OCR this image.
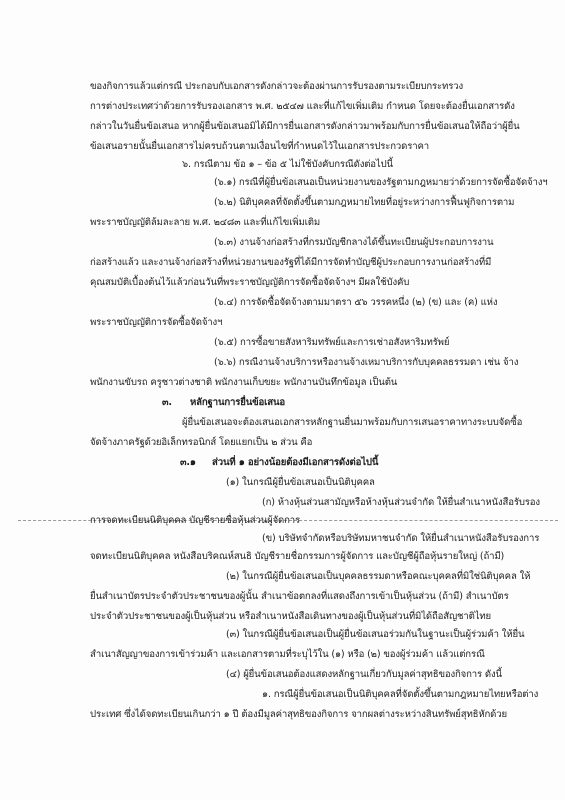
ของกิจการแล้วแต่กรณี ประกอบกับเอกสารดังกล่าวจะต้องผ่านการรับรองตามระเบียบกระทรวง
การต่างประเทศว่าด้วยการรับรองเอกสาร พ.ศ. ๒๕๔๗ และที่แก้ไขเพิ่มเติม กำหนด โดยจะต้องยื่นเอกสารดัง
กล่าวในวันยื่นข้อเสนอ หากผู้ยื่นข้อเสนอมิได้มีการยื่นเอกสารดังกล่าวมาพร้อมกับการยื่นข้อเสนอให้ถือว่าผู้ยื่น
ข้อเสนอรายนั้นยื่นเอกสารไม่ครบถ้วนตามเงื่อนไขที่กำหนดไว้ในเอกสารประกวดราคา
๖. กรณีตาม ข้อ ๑ – ข้อ ๕ ไม่ใช้บังคับกรณีดังต่อไปนี้
(๖.๑) กรณีที่ผู้ยื่นข้อเสนอเป็นหน่วยงานของรัฐตามกฎหมายว่าด้วยการจัดซื้อจัดจ้างฯ
(๖.๒) นิติบุคคลที่จัดตั้งขึ้นตามกฎหมายไทยที่อยู่ระหว่างการฟื้นฟูกิจการตาม
พระราชบัญญัติล้มละลาย พ.ศ. ๒๔๘๓ และที่แก้ไขเพิ่มเติม
(๖.๓) งานจ้างก่อสร้างที่กรมบัญชีกลางได้ขึ้นทะเบียนผู้ประกอบการงาน
ก่อสร้างแล้ว และงานจ้างก่อสร้างที่หน่วยงานของรัฐที่ได้มีการจัดทำบัญชีผู้ประกอบการงานก่อสร้างที่มี
คุณสมบัติเบื้องต้นไว้แล้วก่อนวันที่พระราชบัญญัติการจัดซื้อจัดจ้างฯ มีผลใช้บังคับ
(๖.๔) การจัดซื้อจัดจ้างตามมาตรา ๕๖ วรรคหนึ่ง (๒) (ข) และ (ค) แห่ง
พระราชบัญญัติการจัดซื้อจัดจ้างฯ
(๖.๕) การซื้อขายสังหาริมทรัพย์และการเช่าอสังหาริมทรัพย์
(๖.๖) กรณีงานจ้างบริการหรืองานจ้างเหมาบริการกับบุคคลธรรมดา เช่น จ้าง
พนักงานขับรถ ครูชาวต่างชาติ พนักงานเก็บขยะ พนักงานบันทึกข้อมูล เป็นต้น
๓. หลักฐานการยื่นข้อเสนอ
ผู้ยื่นข้อเสนอจะต้องเสนอเอกสารหลักฐานยื่นมาพร้อมกับการเสนอราคาทางระบบจัดซื้อ
จัดจ้างภาครัฐด้วยอิเล็กทรอนิกส์ โดยแยกเป็น ๒ ส่วน คือ
๓.๑ ส่วนที่ ๑ อย่างน้อยต้องมีเอกสารดังต่อไปนี้
(๑) ในกรณีผู้ยื่นข้อเสนอเป็นนิติบุคคล
(ก) ห้างหุ้นส่วนสามัญหรือห้างหุ้นส่วนจำกัด ให้ยื่นสำเนาหนังสือรับรอง
การจดทะเบียนนิติบุคคล บัญชีรายชื่อหุ้นส่วนผู้จัดการ
(ข) บริษัทจำกัดหรือบริษัทมหาชนจำกัด ให้ยื่นสำเนาหนังสือรับรองการ
จดทะเบียนนิติบุคคล หนังสือบริคณห์สนธิ บัญชีรายชื่อกรรมการผู้จัดการ และบัญชีผู้ถือหุ้นรายใหญ่ (ถ้ามี)
(๒) ในกรณีผู้ยื่นข้อเสนอเป็นบุคคลธรรมดาหรือคณะบุคคลที่มิใช่นิติบุคคล ให้
ยื่นสำเนาบัตรประจำตัวประชาชนของผู้นั้น สำเนาข้อตกลงที่แสดงถึงการเข้าเป็นหุ้นส่วน (ถ้ามี) สำเนาบัตร
ประจำตัวประชาชนของผู้เป็นหุ้นส่วน หรือสำเนาหนังสือเดินทางของผู้เป็นหุ้นส่วนที่มิได้ถือสัญชาติไทย
(๓) ในกรณีผู้ยื่นข้อเสนอเป็นผู้ยื่นข้อเสนอร่วมกันในฐานะเป็นผู้ร่วมค้า ให้ยื่น
สำเนาสัญญาของการเข้าร่วมค้า และเอกสารตามที่ระบุไว้ใน (๑) หรือ (๒) ของผู้ร่วมค้า แล้วแต่กรณี
(๔) ผู้ยื่นข้อเสนอต้องแสดงหลักฐานเกี่ยวกับมูลค่าสุทธิของกิจการ ดังนี้
๑. กรณีผู้ยื่นข้อเสนอเป็นนิติบุคคลที่จัดตั้งขึ้นตามกฎหมายไทยหรือต่าง
ประเทศ ซึ่งได้จดทะเบียนเกินกว่า ๑ ปี ต้องมีมูลค่าสุทธิของกิจการ จากผลต่างระหว่างสินทรัพย์สุทธิหักด้วย
